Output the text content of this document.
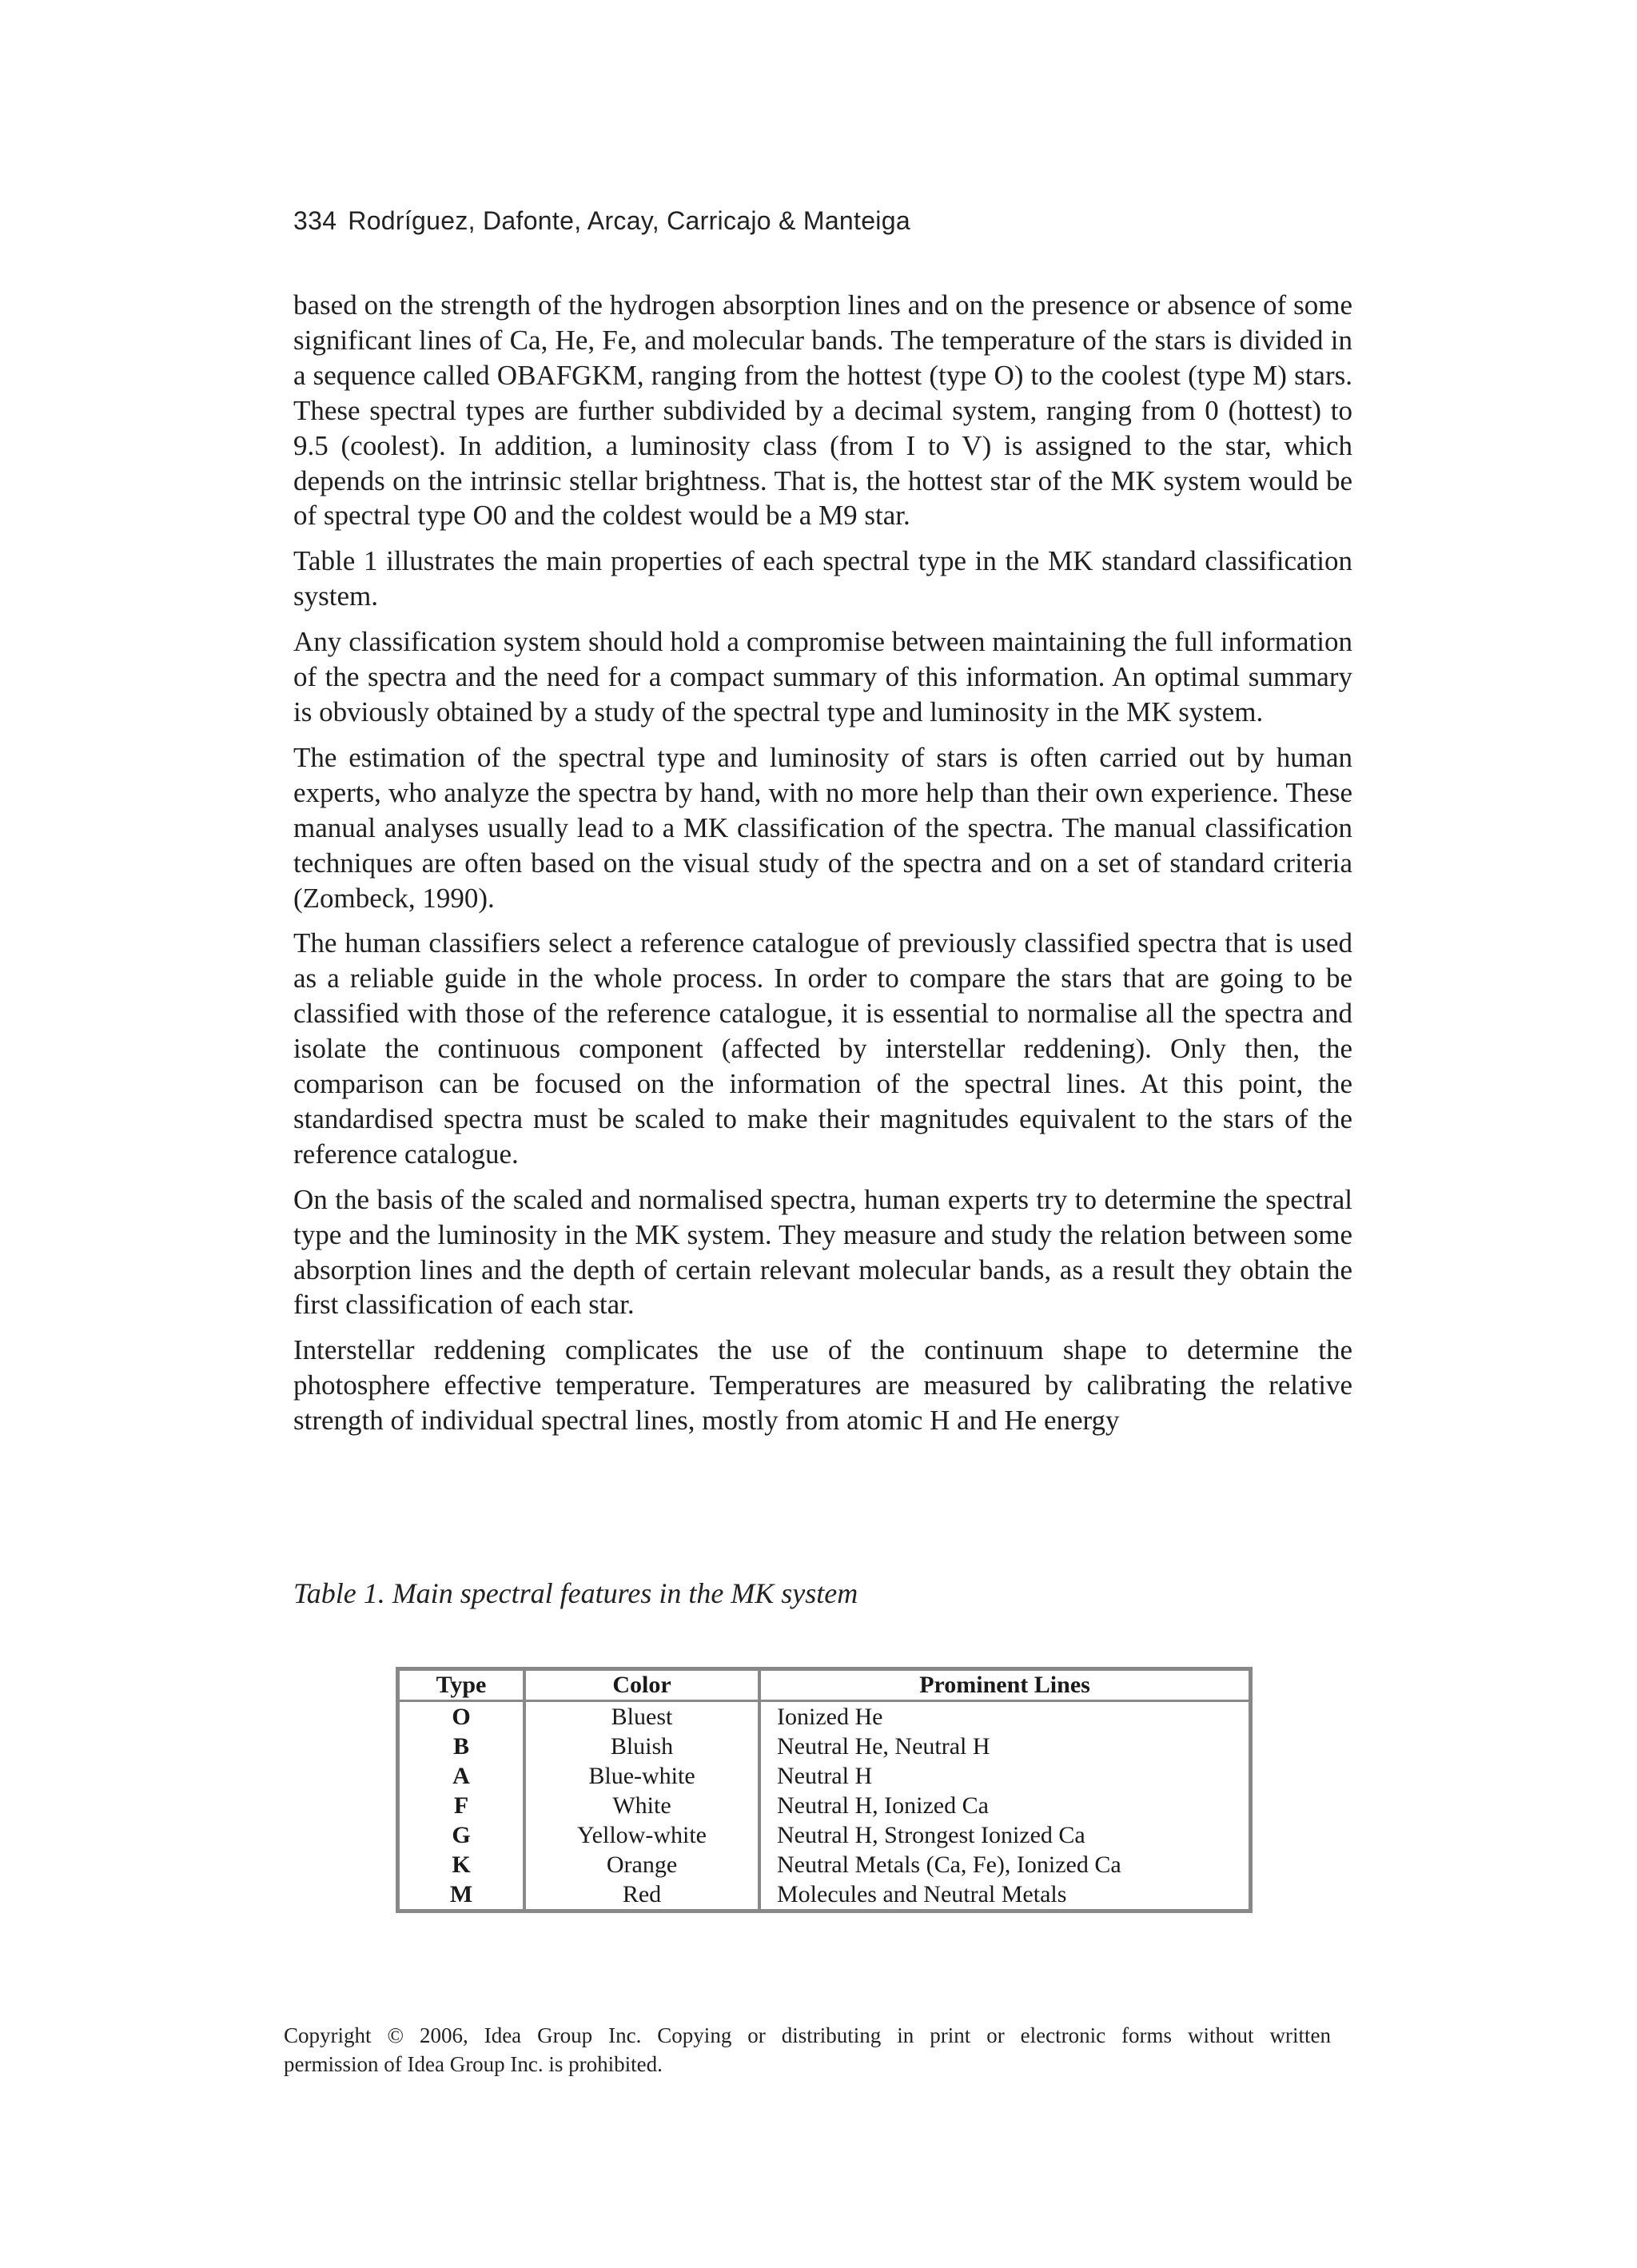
334 Rodríguez, Dafonte, Arcay, Carricajo & Manteiga

based on the strength of the hydrogen absorption lines and on the presence or absence of some significant lines of Ca, He, Fe, and molecular bands. The temperature of the stars is divided in a sequence called OBAFGKM, ranging from the hottest (type O) to the coolest (type M) stars. These spectral types are further subdivided by a decimal system, ranging from 0 (hottest) to 9.5 (coolest). In addition, a luminosity class (from I to V) is assigned to the star, which depends on the intrinsic stellar brightness. That is, the hottest star of the MK system would be of spectral type O0 and the coldest would be a M9 star.

Table 1 illustrates the main properties of each spectral type in the MK standard classification system.

Any classification system should hold a compromise between maintaining the full information of the spectra and the need for a compact summary of this information. An optimal summary is obviously obtained by a study of the spectral type and luminosity in the MK system.

The estimation of the spectral type and luminosity of stars is often carried out by human experts, who analyze the spectra by hand, with no more help than their own experience. These manual analyses usually lead to a MK classification of the spectra. The manual classification techniques are often based on the visual study of the spectra and on a set of standard criteria (Zombeck, 1990).

The human classifiers select a reference catalogue of previously classified spectra that is used as a reliable guide in the whole process. In order to compare the stars that are going to be classified with those of the reference catalogue, it is essential to normalise all the spectra and isolate the continuous component (affected by interstellar reddening). Only then, the comparison can be focused on the information of the spectral lines. At this point, the standardised spectra must be scaled to make their magnitudes equivalent to the stars of the reference catalogue.

On the basis of the scaled and normalised spectra, human experts try to determine the spectral type and the luminosity in the MK system. They measure and study the relation between some absorption lines and the depth of certain relevant molecular bands, as a result they obtain the first classification of each star.

Interstellar reddening complicates the use of the continuum shape to determine the photosphere effective temperature. Temperatures are measured by calibrating the relative strength of individual spectral lines, mostly from atomic H and He energy

Table 1. Main spectral features in the MK system
Type	Color	Prominent Lines
O	Bluest	Ionized He
B	Bluish	Neutral He, Neutral H
A	Blue-white	Neutral H
F	White	Neutral H, Ionized Ca
G	Yellow-white	Neutral H, Strongest Ionized Ca
K	Orange	Neutral Metals (Ca, Fe), Ionized Ca
M	Red	Molecules and Neutral Metals
Copyright © 2006, Idea Group Inc. Copying or distributing in print or electronic forms without written
permission of Idea Group Inc. is prohibited.
